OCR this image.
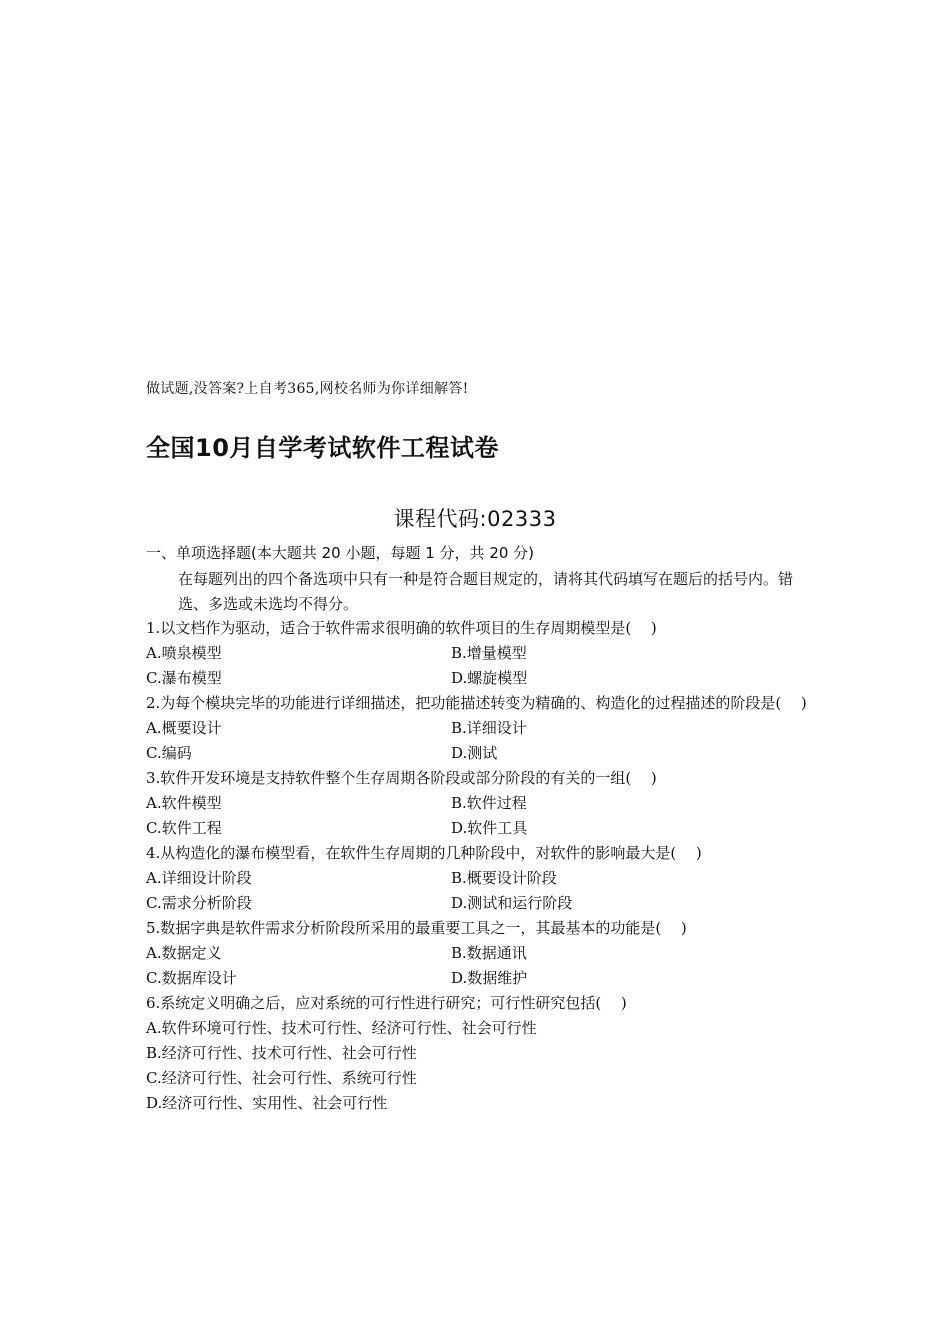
做试题,没答案?上自考365,网校名师为你详细解答!
全国10月自学考试软件工程试卷
课程代码:02333
一、单项选择题(本大题共 20 小题，每题 1 分，共 20 分)
在每题列出的四个备选项中只有一种是符合题目规定的，请将其代码填写在题后的括号内。错选、多选或未选均不得分。

1.以文档作为驱动，适合于软件需求很明确的软件项目的生存周期模型是(　 )

A.喷泉模型	B.增量模型
C.瀑布模型	D.螺旋模型

2.为每个模块完毕的功能进行详细描述，把功能描述转变为精确的、构造化的过程描述的阶段是(　 )

A.概要设计	B.详细设计
C.编码	D.测试

3.软件开发环境是支持软件整个生存周期各阶段或部分阶段的有关的一组(　 )

A.软件模型	B.软件过程
C.软件工程	D.软件工具

4.从构造化的瀑布模型看，在软件生存周期的几种阶段中，对软件的影响最大是(　 )

A.详细设计阶段	B.概要设计阶段
C.需求分析阶段	D.测试和运行阶段

5.数据字典是软件需求分析阶段所采用的最重要工具之一，其最基本的功能是(　 )

A.数据定义	B.数据通讯
C.数据库设计	D.数据维护

6.系统定义明确之后，应对系统的可行性进行研究；可行性研究包括(　 )

A.软件环境可行性、技术可行性、经济可行性、社会可行性

B.经济可行性、技术可行性、社会可行性

C.经济可行性、社会可行性、系统可行性

D.经济可行性、实用性、社会可行性
